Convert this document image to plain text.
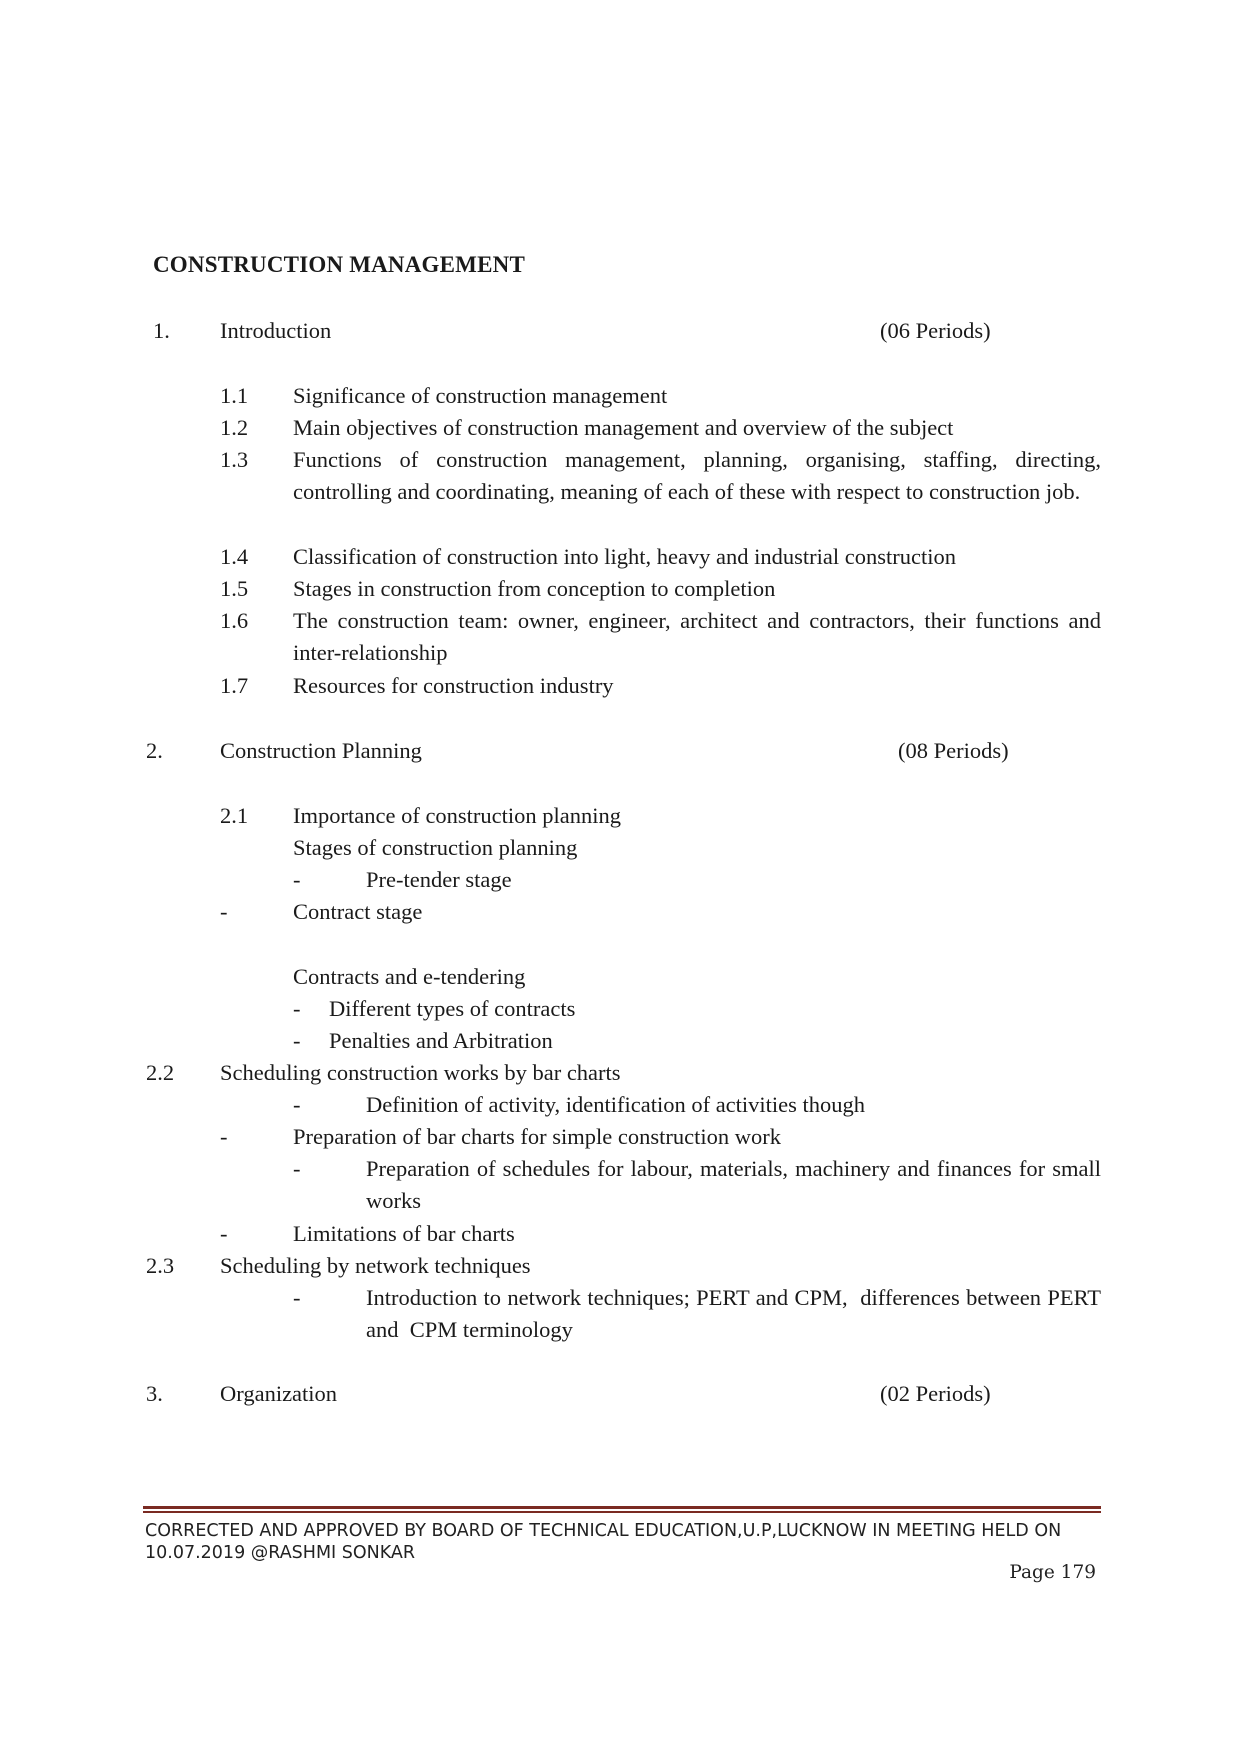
CONSTRUCTION MANAGEMENT
1. Introduction	(06 Periods)
1.1 Significance of construction management
1.2 Main objectives of construction management and overview of the subject
1.3 Functions of construction management, planning, organising, staffing, directing, controlling and coordinating, meaning of each of these with respect to construction job.
1.4 Classification of construction into light, heavy and industrial construction
1.5 Stages in construction from conception to completion
1.6 The construction team: owner, engineer, architect and contractors, their functions and inter-relationship
1.7 Resources for construction industry
2.	Construction Planning	(08 Periods)
2.1 Importance of construction planning
Stages of construction planning
-	Pre-tender stage
-	Contract stage
Contracts and e-tendering
- Different types of contracts
- Penalties and Arbitration
2.2 Scheduling construction works by bar charts
-	Definition of activity, identification of activities though
-	Preparation of bar charts for simple construction work
-	Preparation of schedules for labour, materials, machinery and finances for small works
-	Limitations of bar charts
2.3 Scheduling by network techniques
-	Introduction to network techniques; PERT and CPM,  differences between PERT  and  CPM terminology
3.	Organization	(02 Periods)
CORRECTED AND APPROVED BY BOARD OF TECHNICAL EDUCATION,U.P,LUCKNOW IN MEETING HELD ON
10.07.2019 @RASHMI SONKAR
Page 179
